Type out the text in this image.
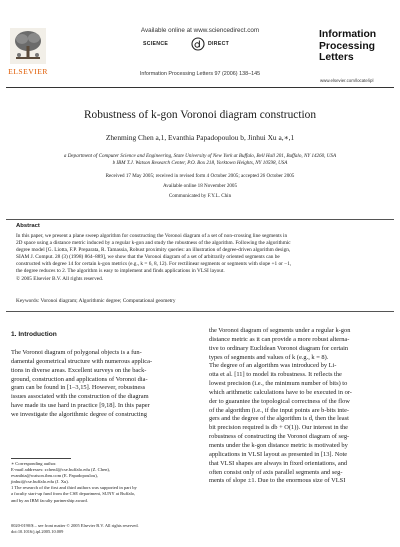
Available online at www.sciencedirect.com
SCIENCE	DIRECT
ELSEVIER	Information Processing Letters 97 (2006) 138–145
Information
Processing
Letters
www.elsevier.com/locate/ipl
Robustness of k-gon Voronoi diagram construction
Zhenming Chen a,1, Evanthia Papadopoulou b, Jinhui Xu a,∗,1
a Department of Computer Science and Engineering, State University of New York at Buffalo, Bell Hall 201, Buffalo, NY 14260, USA
b IBM T.J. Watson Research Center, P.O. Box 218, Yorktown Heights, NY 10598, USA
Received 17 May 2005; received in revised form 4 October 2005; accepted 26 October 2005
Available online 18 November 2005
Communicated by F.Y.L. Chin
Abstract
In this paper, we present a plane sweep algorithm for constructing the Voronoi diagram of a set of non-crossing line segments in
2D space using a distance metric induced by a regular k-gon and study the robustness of the algorithm. Following the algorithmic
degree model [G. Liotta, F.P. Preparata, R. Tamassia, Robust proximity queries: an illustration of degree-driven algorithm design,
SIAM J. Comput. 28 (3) (1998) 864–889], we show that the Voronoi diagram of a set of arbitrarily oriented segments can be
constructed with degree 14 for certain k-gon metrics (e.g., k = 6, 8, 12). For rectilinear segments or segments with slope +1 or −1,
the degree reduces to 2. The algorithm is easy to implement and finds applications in VLSI layout.
© 2005 Elsevier B.V. All rights reserved.
Keywords: Voronoi diagram; Algorithmic degree; Computational geometry
1. Introduction
The Voronoi diagram of polygonal objects is a fun-
damental geometrical structure with numerous applica-
tions in diverse areas. Excellent surveys on the back-
ground, construction and applications of Voronoi dia-
gram can be found in [1–3,15]. However, robustness
issues associated with the construction of the diagram
have made its use hard in practice [9,18]. In this paper
we investigate the algorithmic degree of constructing
the Voronoi diagram of segments under a regular k-gon
distance metric as it can provide a more robust alterna-
tive to ordinary Euclidean Voronoi diagram for certain
types of segments and values of k (e.g., k = 8).
The degree of an algorithm was introduced by Li-
otta et al. [11] to model its robustness. It reflects the
lowest precision (i.e., the minimum number of bits) to
which arithmetic calculations have to be executed in or-
der to guarantee the topological correctness of the flow
of the algorithm (i.e., if the input points are b-bits inte-
gers and the degree of the algorithm is d, then the least
bit precision required is db + O(1)). Our interest in the
robustness of constructing the Voronoi diagram of seg-
ments under the k-gon distance metric is motivated by
applications in VLSI layout as presented in [13]. Note
that VLSI shapes are always in fixed orientations, and
often consist only of axis parallel segments and seg-
ments of slope ±1. Due to the enormous size of VLSI
∗ Corresponding author.
E-mail addresses: zchen4@cse.buffalo.edu (Z. Chen),
evanthia@watson.ibm.com (E. Papadopoulou),
jinhui@cse.buffalo.edu (J. Xu).
1 The research of the first and third authors was supported in part by
a faculty start-up fund from the CSE department, SUNY at Buffalo,
and by an IBM faculty partnership award.
0020-0190/$ – see front matter © 2005 Elsevier B.V. All rights reserved.
doi:10.1016/j.ipl.2005.10.009
